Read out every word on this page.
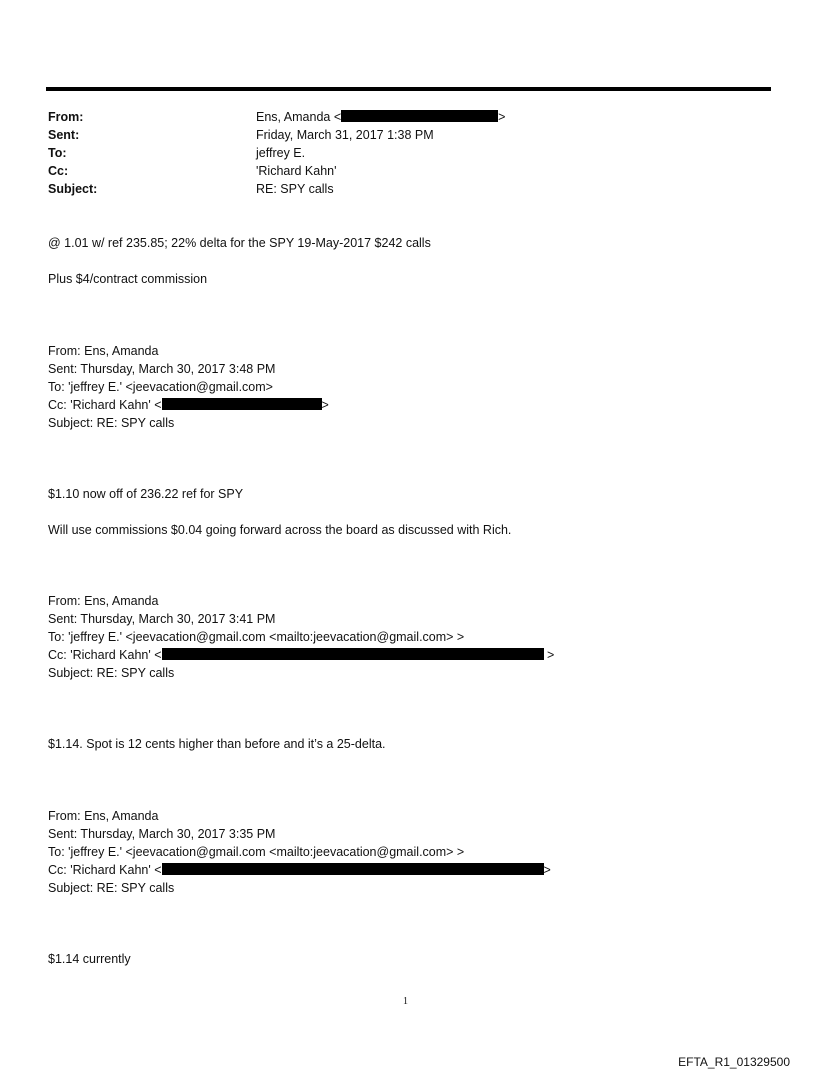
From:	Ens, Amanda <	>
Sent:	Friday, March 31, 2017 1:38 PM
To:	jeffrey E.
Cc:	'Richard Kahn'
Subject:	RE: SPY calls
@ 1.01 w/ ref 235.85; 22% delta for the SPY 19-May-2017 $242 calls
Plus $4/contract commission
From: Ens, Amanda
Sent: Thursday, March 30, 2017 3:48 PM
To: 'jeffrey E.' <jeevacation@gmail.com>
Cc: 'Richard Kahn' <	>
Subject: RE: SPY calls
$1.10 now off of 236.22 ref for SPY
Will use commissions $0.04 going forward across the board as discussed with Rich.
From: Ens, Amanda
Sent: Thursday, March 30, 2017 3:41 PM
To: 'jeffrey E.' <jeevacation@gmail.com <mailto:jeevacation@gmail.com> >
Cc: 'Richard Kahn' <	>
Subject: RE: SPY calls
$1.14. Spot is 12 cents higher than before and it’s a 25-delta.
From: Ens, Amanda
Sent: Thursday, March 30, 2017 3:35 PM
To: 'jeffrey E.' <jeevacation@gmail.com <mailto:jeevacation@gmail.com> >
Cc: 'Richard Kahn' <	>
Subject: RE: SPY calls
$1.14 currently
1
EFTA_R1_01329500
